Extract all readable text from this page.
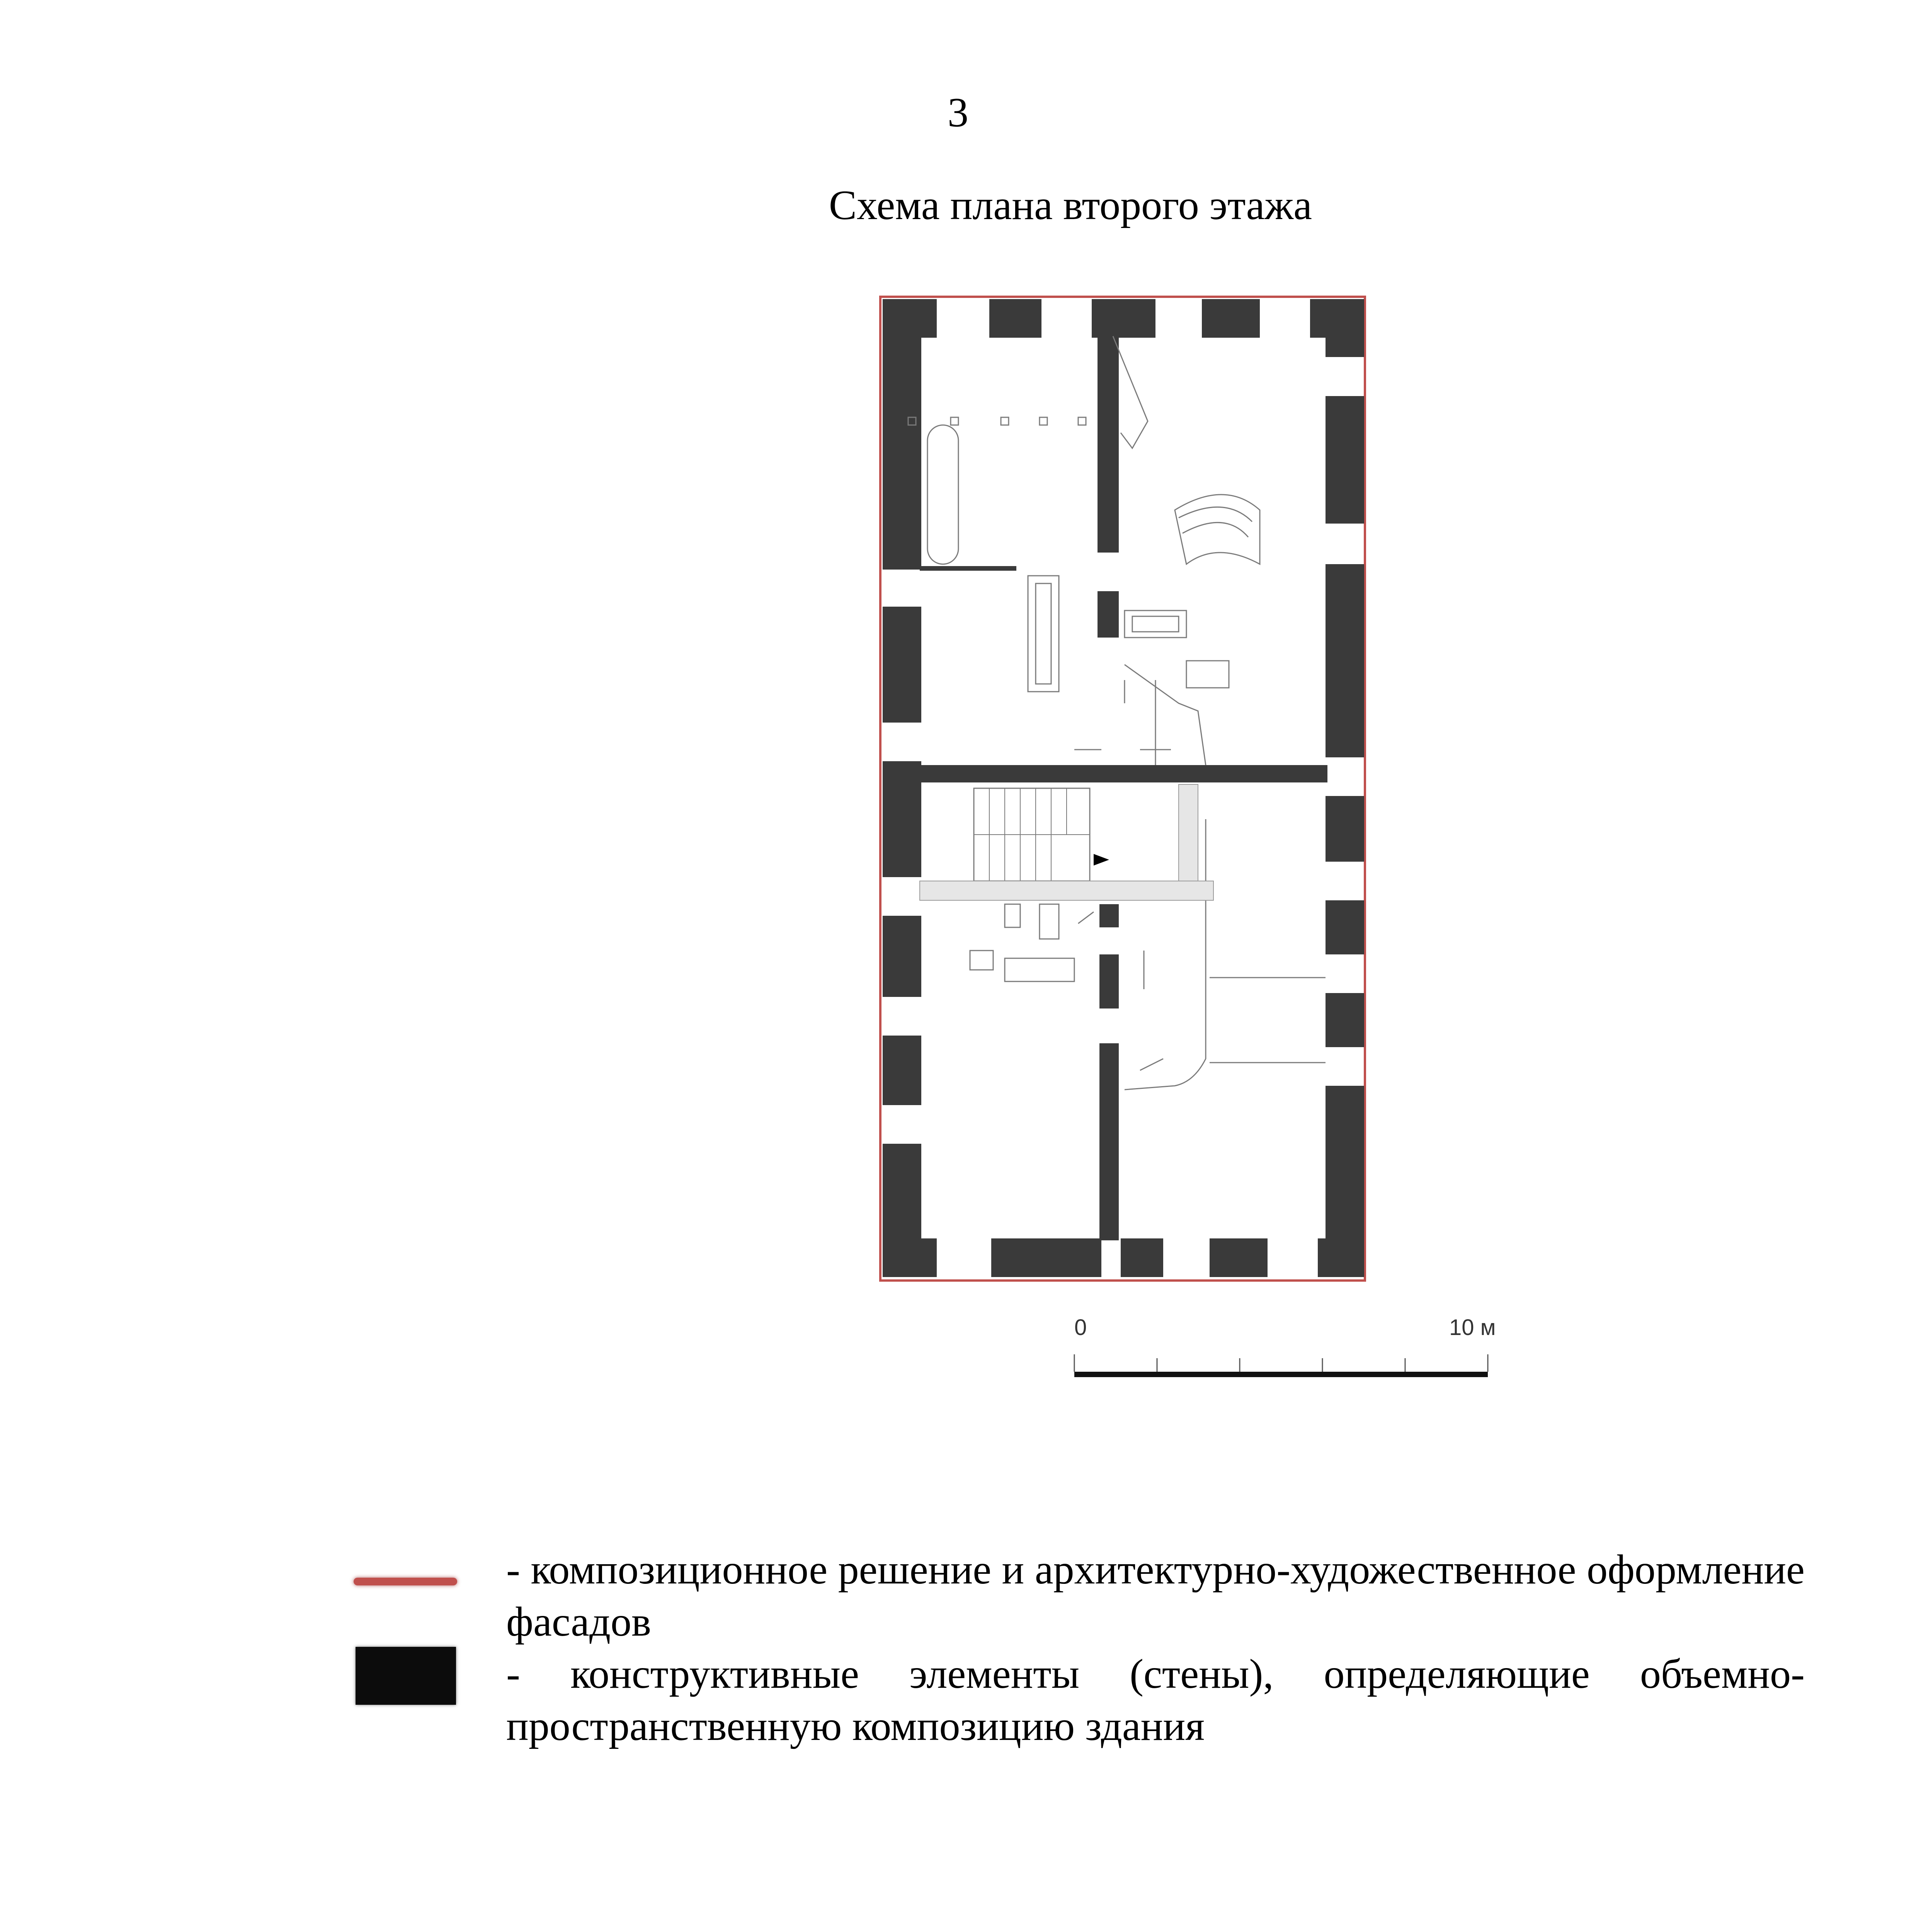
3
Схема плана второго этажа
0	10 м

- композиционное решение и архитектурно-художественное оформление фасадов

- конструктивные элементы (стены), определяющие объемно-пространственную композицию здания
